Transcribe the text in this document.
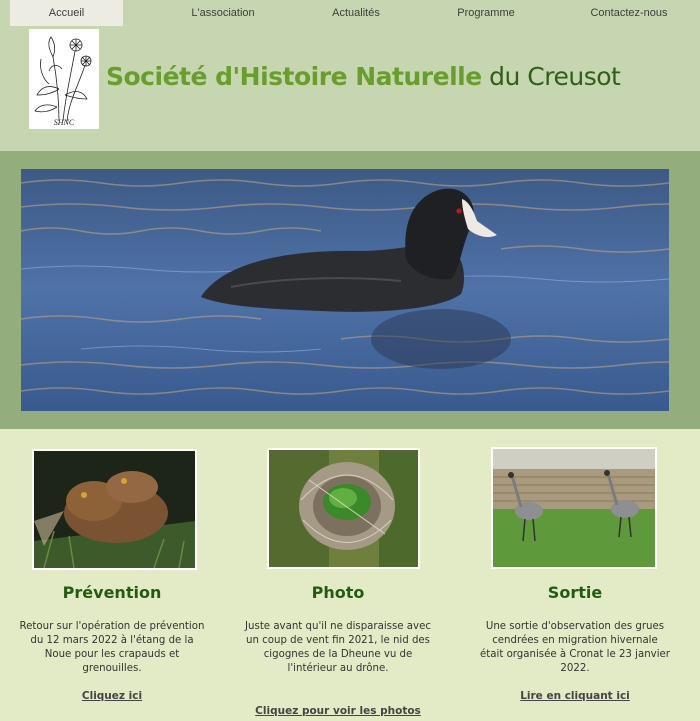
Accueil	L'association	Actualités	Programme	Contactez-nous
SHNC
Société d'Histoire Naturelle du Creusot
Prévention
Retour sur l'opération de prévention du 12 mars 2022 à l'étang de la Noue pour les crapauds et grenouilles.
Cliquez ici
Photo
Juste avant qu'il ne disparaisse avec un coup de vent fin 2021, le nid des cigognes de la Dheune vu de l'intérieur au drône.
Cliquez pour voir les photos
Sortie
Une sortie d'observation des grues cendrées en migration hivernale était organisée à Cronat le 23 janvier 2022.
Lire en cliquant ici
